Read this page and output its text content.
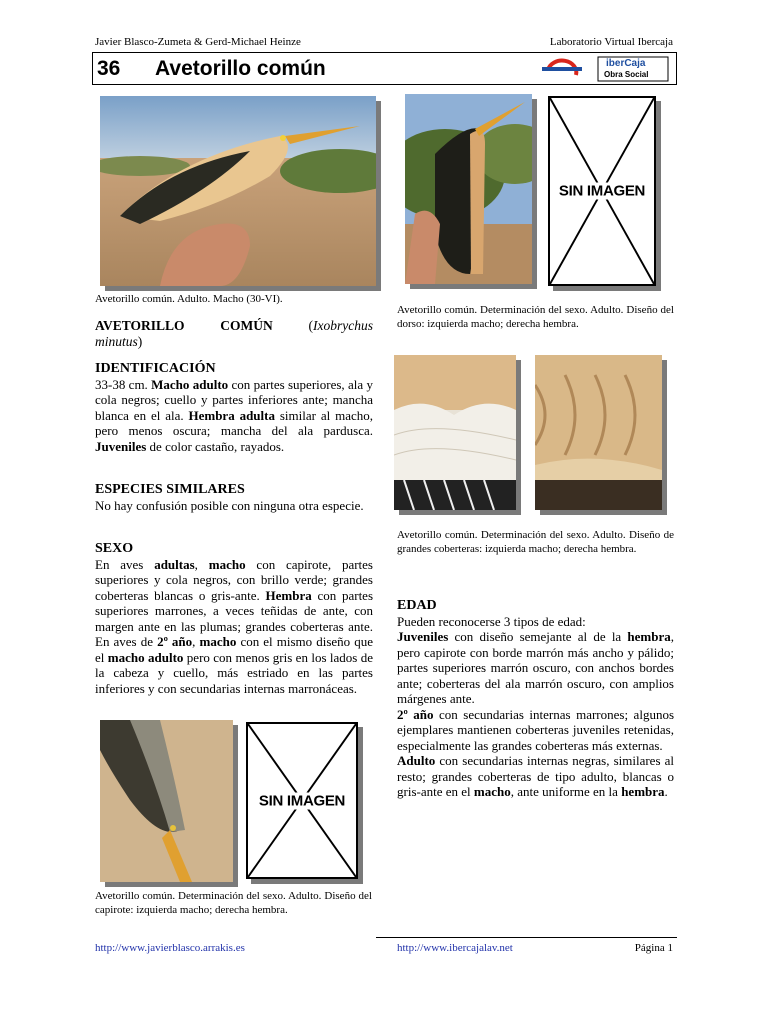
Javier Blasco-Zumeta & Gerd-Michael Heinze	Laboratorio Virtual Ibercaja
36 Avetorillo común	iberCaja
Obra Social
SIN IMAGEN
Avetorillo común. Adulto. Macho (30-VI).
Avetorillo común. Determinación del sexo. Adulto. Diseño del dorso: izquierda macho; derecha hembra.
AVETORILLO	COMÚN	(Ixobrychus
minutus)
IDENTIFICACIÓN
33-38 cm. Macho adulto con partes superiores, ala y cola negros; cuello y partes inferiores ante; mancha blanca en el ala. Hembra adulta similar al macho, pero menos oscura; mancha del ala pardusca. Juveniles de color castaño, rayados.
ESPECIES SIMILARES
No hay confusión posible con ninguna otra especie.
Avetorillo común. Determinación del sexo. Adulto. Diseño de grandes coberteras: izquierda macho; derecha hembra.
SEXO
En aves adultas, macho con capirote, partes superiores y cola negros, con brillo verde; grandes coberteras blancas o gris-ante. Hembra con partes superiores marrones, a veces teñidas de ante, con margen ante en las plumas; grandes coberteras ante. En aves de 2º año, macho con el mismo diseño que el macho adulto pero con menos gris en los lados de la cabeza y cuello, más estriado en las partes inferiores y con secundarias internas marronáceas.
EDAD
Pueden reconocerse 3 tipos de edad:
Juveniles con diseño semejante al de la hembra, pero capirote con borde marrón más ancho y pálido; partes superiores marrón oscuro, con anchos bordes ante; coberteras del ala marrón oscuro, con amplios márgenes ante.
2º año con secundarias internas marrones; algunos ejemplares mantienen coberteras juveniles retenidas, especialmente las grandes coberteras más externas.
Adulto con secundarias internas negras, similares al resto; grandes coberteras de tipo adulto, blancas o gris-ante en el macho, ante uniforme en la hembra.
SIN IMAGEN
Avetorillo común. Determinación del sexo. Adulto. Diseño del capirote: izquierda macho; derecha hembra.
http://www.javierblasco.arrakis.es	http://www.ibercajalav.net	Página 1
